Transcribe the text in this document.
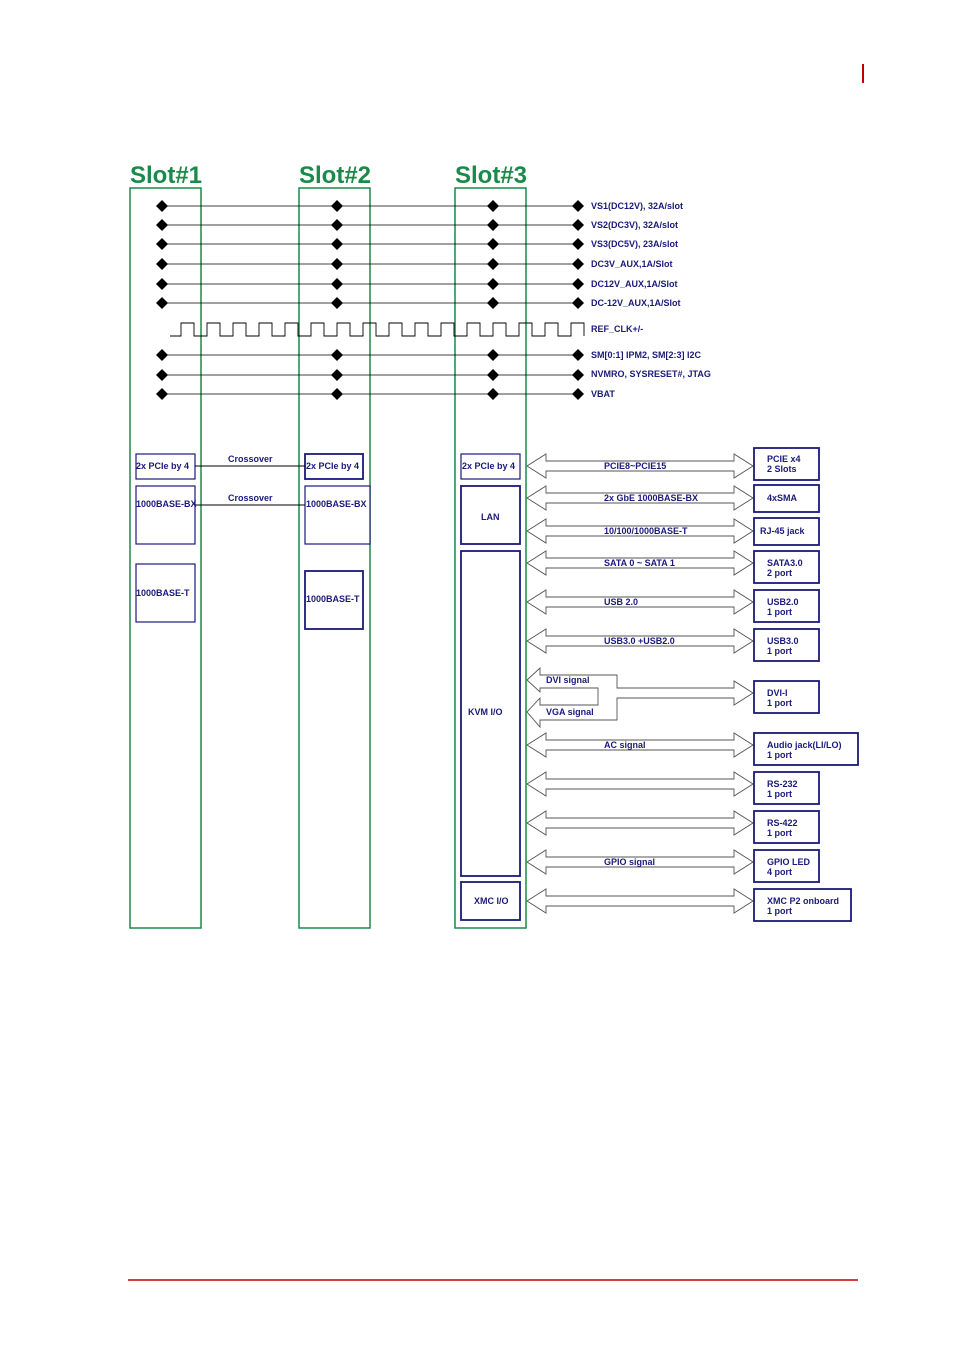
Slot#1	Slot#2	Slot#3
VS1(DC12V), 32A/slot
VS2(DC3V), 32A/slot
VS3(DC5V), 23A/slot
DC3V_AUX,1A/Slot
DC12V_AUX,1A/Slot
DC-12V_AUX,1A/Slot
REF_CLK+/-
SM[0:1] IPM2, SM[2:3] I2C
NVMRO, SYSRESET#, JTAG
VBAT
2x PCIe by 4
1000BASE-BX
1000BASE-T
2x PCIe by 4
1000BASE-BX
1000BASE-T
Crossover
Crossover
2x PCIe by 4
LAN
KVM I/O
XMC I/O
PCIE8~PCIE15
2x GbE 1000BASE-BX
10/100/1000BASE-T
SATA 0 ~ SATA 1
USB 2.0
USB3.0 +USB2.0
DVI signal
VGA signal
AC signal
GPIO signal
PCIE x4
2 Slots
4xSMA
RJ-45 jack
SATA3.0
2 port
USB2.0
1 port
USB3.0
1 port
DVI-I
1 port
Audio jack(LI/LO)
1 port
RS-232
1 port
RS-422
1 port
GPIO LED
4 port
XMC P2 onboard
1 port
